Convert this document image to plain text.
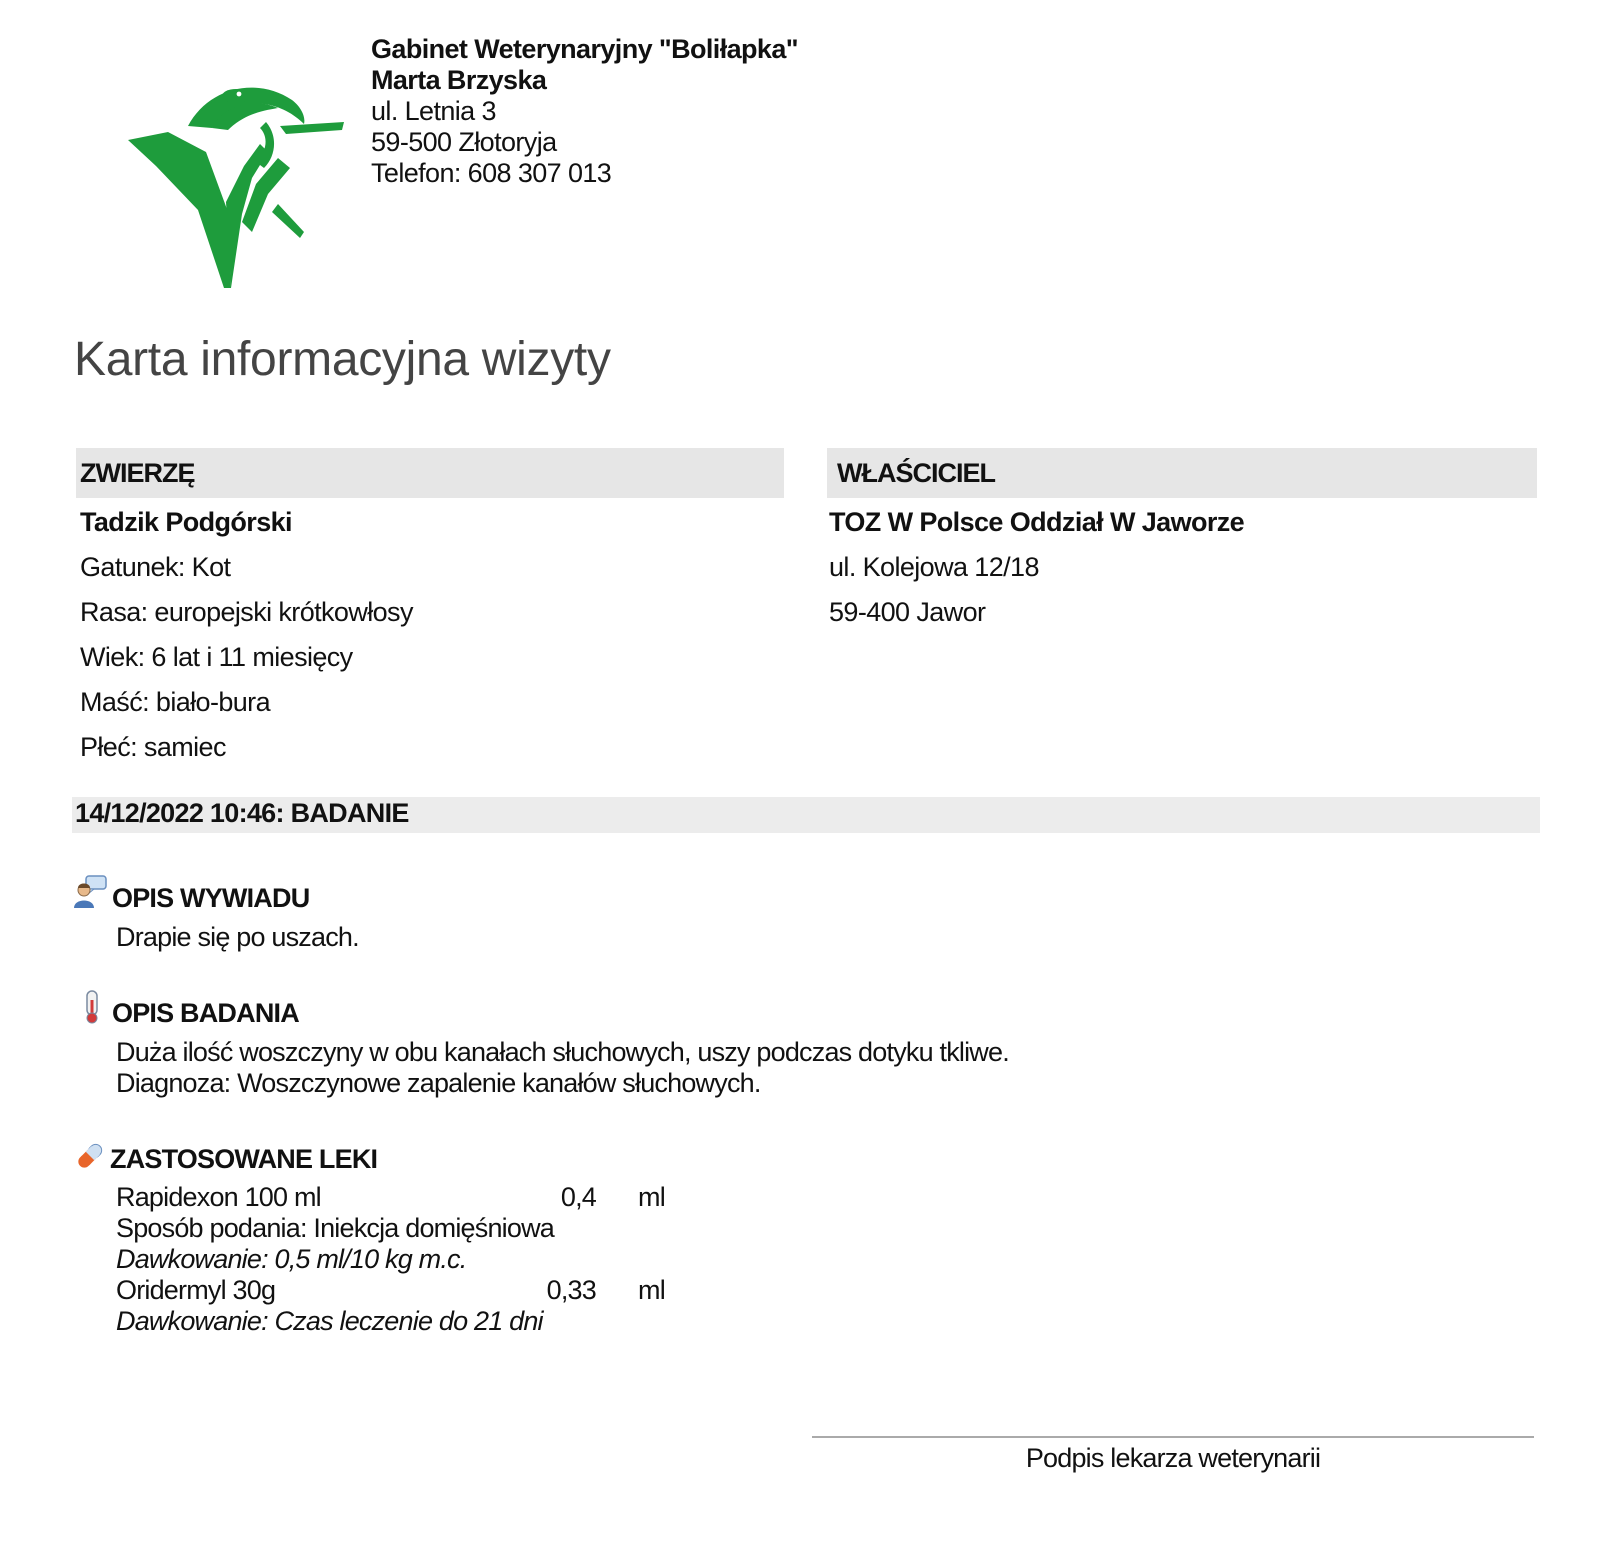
Gabinet Weterynaryjny "Boliłapka"
Marta Brzyska
ul. Letnia 3
59-500 Złotoryja
Telefon: 608 307 013
Karta informacyjna wizyty
ZWIERZĘ	WŁAŚCICIEL
Tadzik Podgórski
Gatunek: Kot
Rasa: europejski krótkowłosy
Wiek: 6 lat i 11 miesięcy
Maść: biało-bura
Płeć: samiec
TOZ W Polsce Oddział W Jaworze
ul. Kolejowa 12/18
59-400 Jawor
14/12/2022 10:46: BADANIE
OPIS WYWIADU
Drapie się po uszach.
OPIS BADANIA
Duża ilość woszczyny w obu kanałach słuchowych, uszy podczas dotyku tkliwe.
Diagnoza: Woszczynowe zapalenie kanałów słuchowych.
ZASTOSOWANE LEKI
Rapidexon 100 ml	0,4 ml
Sposób podania: Iniekcja domięśniowa
Dawkowanie: 0,5 ml/10 kg m.c.
Oridermyl 30g	0,33 ml
Dawkowanie: Czas leczenie do 21 dni
Podpis lekarza weterynarii
